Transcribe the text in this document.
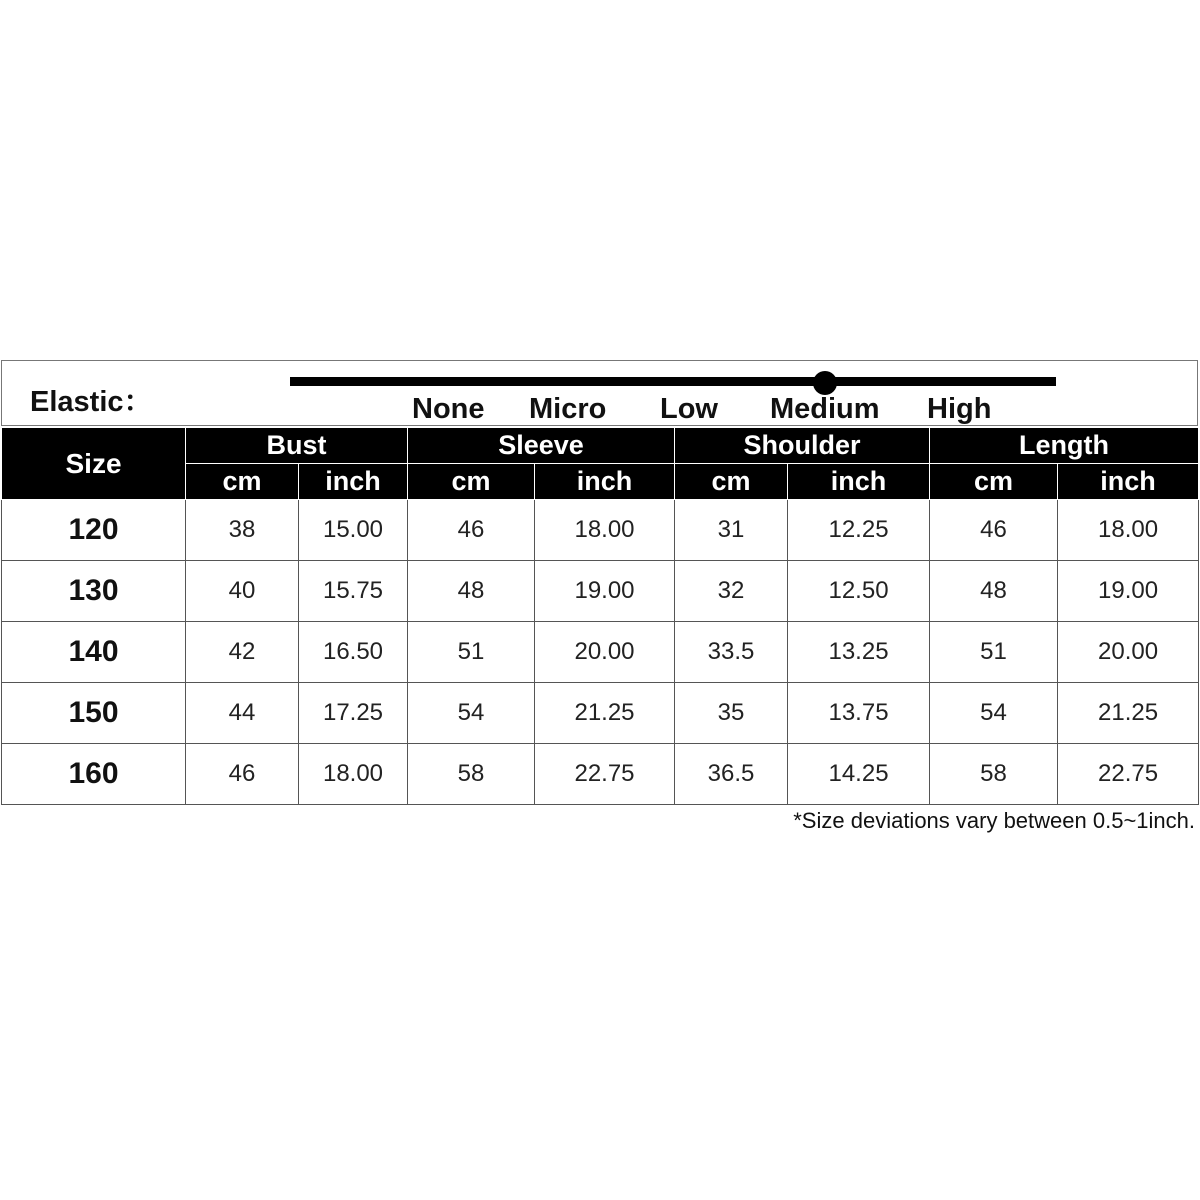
Elastic：	None Micro Low Medium High
Size	Bust		Sleeve		Shoulder		Length	
	cm	inch	cm	inch	cm	inch	cm	inch
120	38	15.00	46	18.00	31	12.25	46	18.00
130	40	15.75	48	19.00	32	12.50	48	19.00
140	42	16.50	51	20.00	33.5	13.25	51	20.00
150	44	17.25	54	21.25	35	13.75	54	21.25
160	46	18.00	58	22.75	36.5	14.25	58	22.75
*Size deviations vary between 0.5~1inch.
